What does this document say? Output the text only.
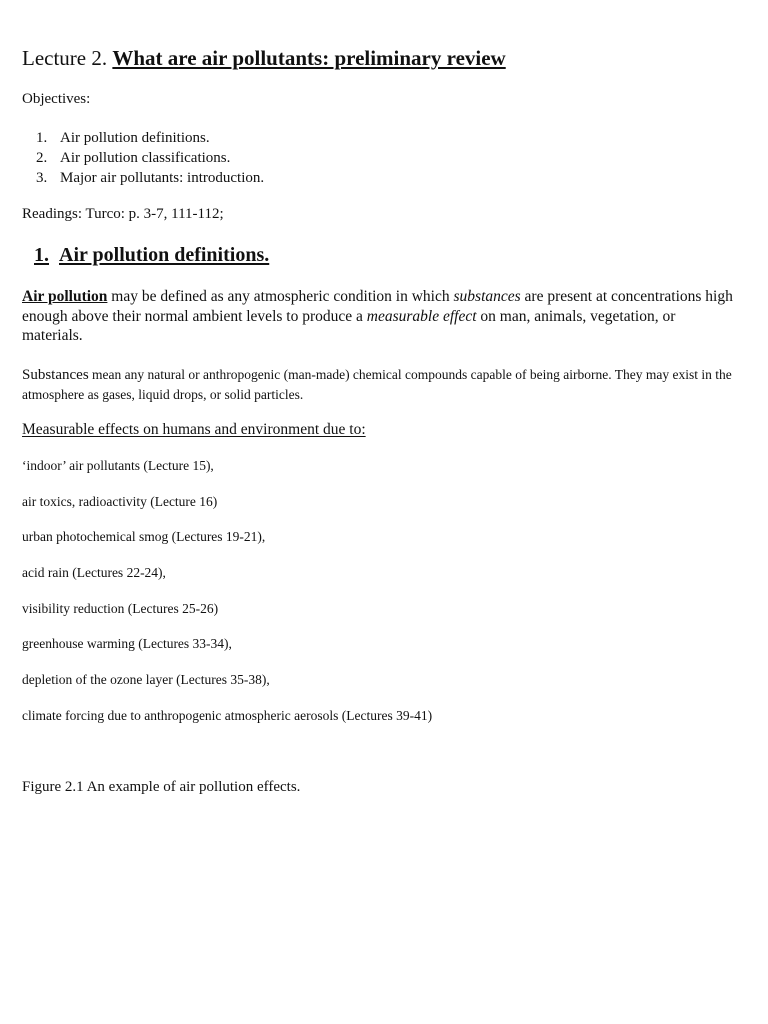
Lecture 2. What are air pollutants: preliminary review
Objectives:
1. Air pollution definitions.
2. Air pollution classifications.
3. Major air pollutants: introduction.
Readings: Turco: p. 3-7, 111-112;
1. Air pollution definitions.
Air pollution may be defined as any atmospheric condition in which substances are present at concentrations high enough above their normal ambient levels to produce a measurable effect on man, animals, vegetation, or materials.
Substances mean any natural or anthropogenic (man-made) chemical compounds capable of being airborne. They may exist in the atmosphere as gases, liquid drops, or solid particles.
Measurable effects on humans and environment due to:
‘indoor’ air pollutants (Lecture 15),
air toxics, radioactivity (Lecture 16)
urban photochemical smog (Lectures 19-21),
acid rain (Lectures 22-24),
visibility reduction (Lectures 25-26)
greenhouse warming (Lectures 33-34),
depletion of the ozone layer (Lectures 35-38),
climate forcing due to anthropogenic atmospheric aerosols (Lectures 39-41)
Figure 2.1 An example of air pollution effects.
